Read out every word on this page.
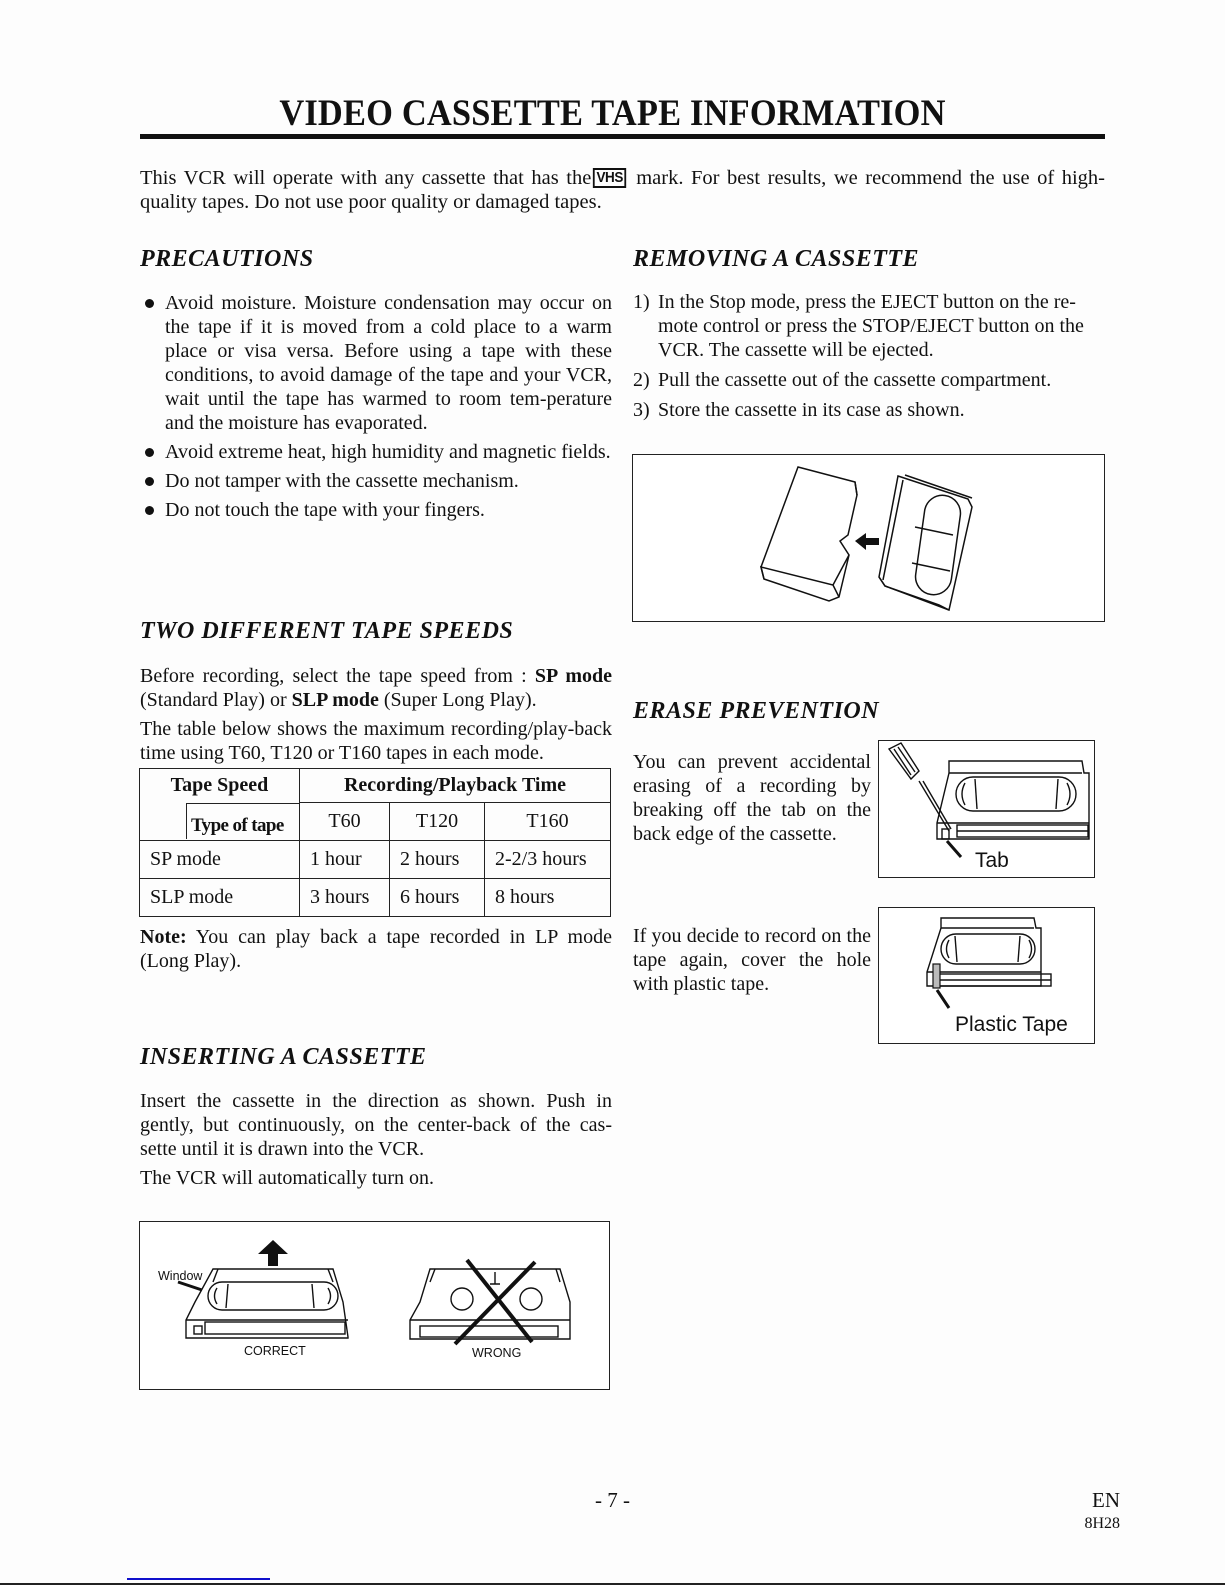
VIDEO CASSETTE TAPE INFORMATION
This VCR will operate with any cassette that has the VHS mark. For best results, we recommend the use of high-quality tapes. Do not use poor quality or damaged tapes.
PRECAUTIONS
Avoid moisture. Moisture condensation may occur on the tape if it is moved from a cold place to a warm place or visa versa. Before using a tape with these conditions, to avoid damage of the tape and your VCR, wait until the tape has warmed to room tem-perature and the moisture has evaporated.
Avoid extreme heat, high humidity and magnetic fields.
Do not tamper with the cassette mechanism.
Do not touch the tape with your fingers.
REMOVING A CASSETTE
1) In the Stop mode, press the EJECT button on the re-mote control or press the STOP/EJECT button on the VCR. The cassette will be ejected.
2) Pull the cassette out of the cassette compartment.
3) Store the cassette in its case as shown.
TWO DIFFERENT TAPE SPEEDS
Before recording, select the tape speed from : SP mode (Standard Play) or SLP mode (Super Long Play).
The table below shows the maximum recording/play-back time using T60, T120 or T160 tapes in each mode.
Tape Speed	Recording/Playback Time		

Type of tape	T60	T120	T160
SP mode	1 hour	2 hours	2-2/3 hours
SLP mode	3 hours	6 hours	8 hours
Note: You can play back a tape recorded in LP mode (Long Play).
ERASE PREVENTION
You can prevent accidental erasing of a recording by breaking off the tab on the back edge of the cassette.
Tab
If you decide to record on the tape again, cover the hole with plastic tape.
Plastic Tape
INSERTING A CASSETTE
Insert the cassette in the direction as shown. Push in gently, but continuously, on the center-back of the cas-sette until it is drawn into the VCR.
The VCR will automatically turn on.
Window
CORRECT	WRONG
- 7 -	EN
8H28
